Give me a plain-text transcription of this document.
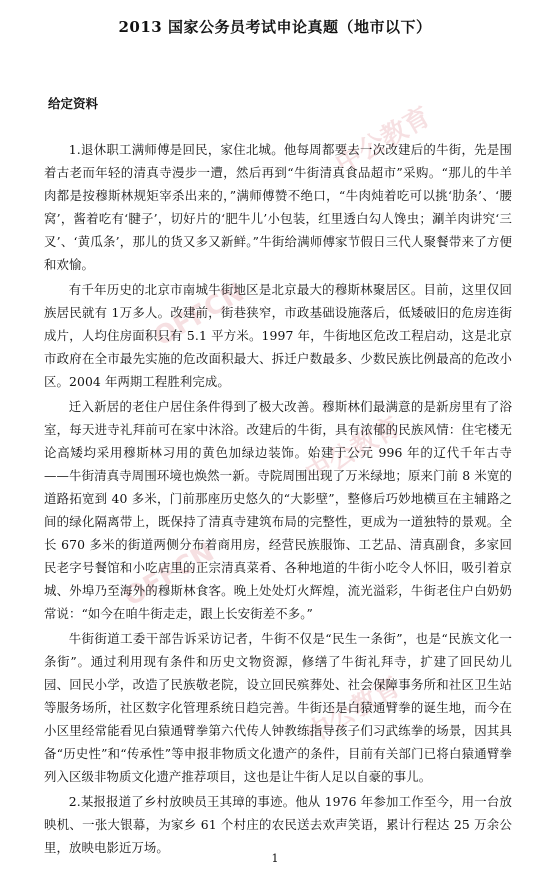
中公教育
OFFCN
中公教育
OFFCN
中公教育
2013 国家公务员考试申论真题（地市以下）
给定资料

1.退休职工满师傅是回民，家住北城。他每周都要去一次改建后的牛街，先是围着古老而年轻的清真寺漫步一遭，然后再到“牛街清真食品超市”采购。“那儿的牛羊肉都是按穆斯林规矩宰杀出来的，”满师傅赞不绝口，“牛肉炖着吃可以挑‘肋条’、‘腰窝’，酱着吃有‘腱子’，切好片的‘肥牛儿’小包装，红里透白勾人馋虫；涮羊肉讲究‘三叉’、‘黄瓜条’，那儿的货又多又新鲜。”牛街给满师傅家节假日三代人聚餐带来了方便和欢愉。

有千年历史的北京市南城牛街地区是北京最大的穆斯林聚居区。目前，这里仅回族居民就有 1万多人。改建前，街巷狭窄，市政基础设施落后，低矮破旧的危房连街成片，人均住房面积只有 5.1 平方米。1997 年，牛街地区危改工程启动，这是北京市政府在全市最先实施的危改面积最大、拆迁户数最多、少数民族比例最高的危改小区。2004 年两期工程胜利完成。

迁入新居的老住户居住条件得到了极大改善。穆斯林们最满意的是新房里有了浴室，每天进寺礼拜前可在家中沐浴。改建后的牛街，具有浓郁的民族风情：住宅楼无论高矮均采用穆斯林习用的黄色加绿边装饰。始建于公元 996 年的辽代千年古寺——牛街清真寺周围环境也焕然一新。寺院周围出现了万米绿地；原来门前 8 米宽的道路拓宽到 40 多米，门前那座历史悠久的“大影壁”，整修后巧妙地横亘在主辅路之间的绿化隔离带上，既保持了清真寺建筑布局的完整性，更成为一道独特的景观。全长 670 多米的街道两侧分布着商用房，经营民族服饰、工艺品、清真副食，多家回民老字号餐馆和小吃店里的正宗清真菜肴、各种地道的牛街小吃令人怀旧，吸引着京城、外埠乃至海外的穆斯林食客。晚上处处灯火辉煌，流光溢彩，牛街老住户白奶奶常说：“如今在咱牛街走走，跟上长安街差不多。”

牛街街道工委干部告诉采访记者，牛街不仅是“民生一条街”，也是“民族文化一条街”。通过利用现有条件和历史文物资源，修缮了牛街礼拜寺，扩建了回民幼儿园、回民小学，改造了民族敬老院，设立回民殡葬处、社会保障事务所和社区卫生站等服务场所，社区数字化管理系统日趋完善。牛街还是白猿通臂拳的诞生地，而今在小区里经常能看见白猿通臂拳第六代传人钟教练指导孩子们习武练拳的场景，因其具备“历史性”和“传承性”等申报非物质文化遗产的条件，目前有关部门已将白猿通臂拳列入区级非物质文化遗产推荐项目，这也是让牛街人足以自豪的事儿。

2.某报报道了乡村放映员王其璋的事迹。他从 1976 年参加工作至今，用一台放映机、一张大银幕，为家乡 61 个村庄的农民送去欢声笑语，累计行程达 25 万余公里，放映电影近万场。

1
